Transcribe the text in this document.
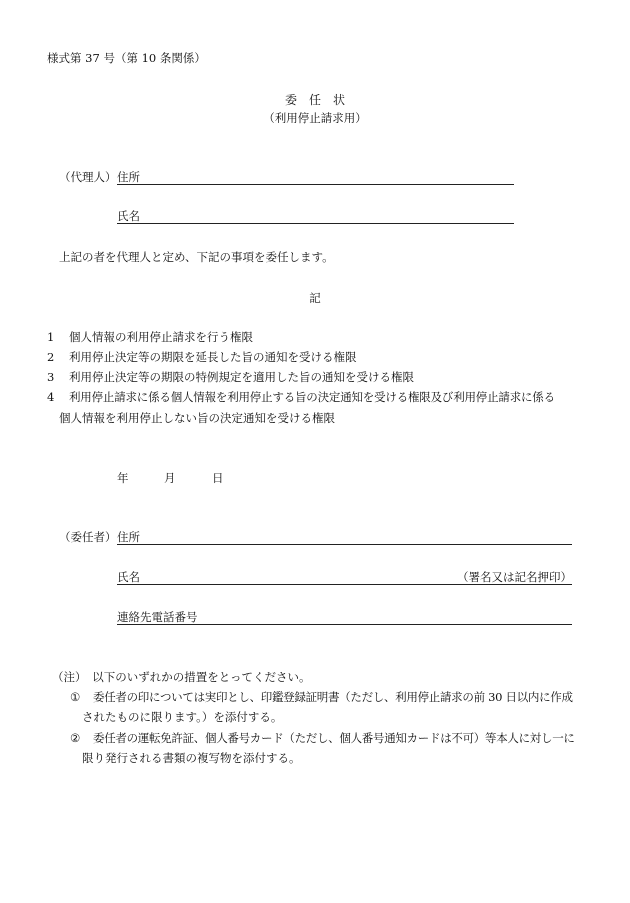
様式第 37 号（第 10 条関係）
委　任　状
（利用停止請求用）
（代理人） 住所
氏名
上記の者を代理人と定め、下記の事項を委任します。
記
1 個人情報の利用停止請求を行う権限
2 利用停止決定等の期限を延長した旨の通知を受ける権限
3 利用停止決定等の期限の特例規定を適用した旨の通知を受ける権限
4 利用停止請求に係る個人情報を利用停止する旨の決定通知を受ける権限及び利用停止請求に係る
個人情報を利用停止しない旨の決定通知を受ける権限
年	月	日
（委任者） 住所
氏名	（署名又は記名押印）
連絡先電話番号
（注）　以下のいずれかの措置をとってください。
① 委任者の印については実印とし、印鑑登録証明書（ただし、利用停止請求の前 30 日以内に作成
されたものに限ります。）を添付する。
② 委任者の運転免許証、個人番号カード（ただし、個人番号通知カードは不可）等本人に対し一に
限り発行される書類の複写物を添付する。
